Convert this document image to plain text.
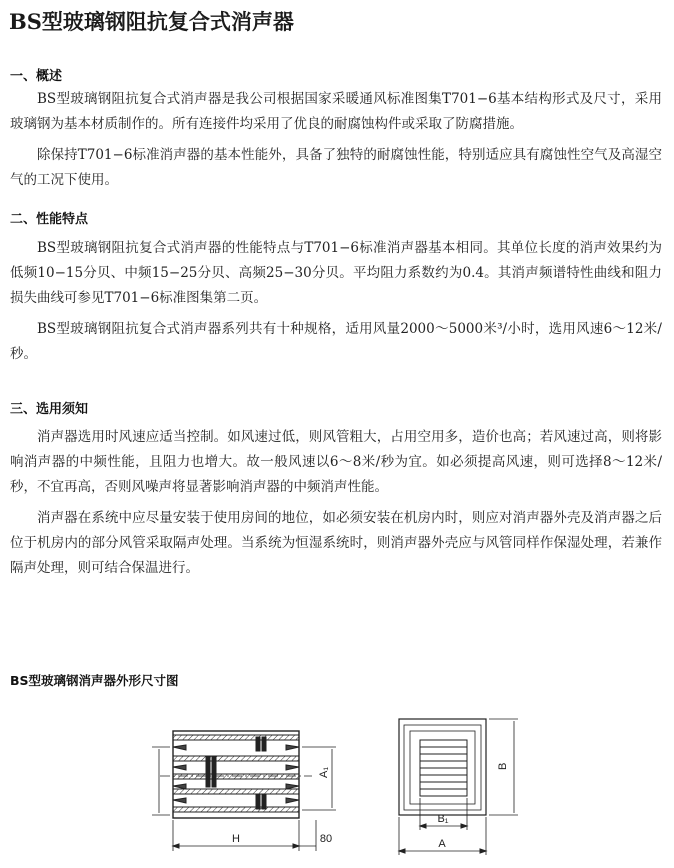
BS型玻璃钢阻抗复合式消声器
一、概述

BS型玻璃钢阻抗复合式消声器是我公司根据国家采暖通风标准图集T701−6基本结构形式及尺寸，采用玻璃钢为基本材质制作的。所有连接件均采用了优良的耐腐蚀构件或采取了防腐措施。

除保持T701−6标准消声器的基本性能外，具备了独特的耐腐蚀性能，特别适应具有腐蚀性空气及高湿空气的工况下使用。

二、性能特点

BS型玻璃钢阻抗复合式消声器的性能特点与T701−6标准消声器基本相同。其单位长度的消声效果约为低频10−15分贝、中频15−25分贝、高频25−30分贝。平均阻力系数约为0.4。其消声频谱特性曲线和阻力损失曲线可参见T701−6标准图集第二页。

BS型玻璃钢阻抗复合式消声器系列共有十种规格，适用风量2000～5000米³/小时，选用风速6～12米/秒。

三、选用须知

消声器选用时风速应适当控制。如风速过低，则风管粗大，占用空用多，造价也高；若风速过高，则将影响消声器的中频性能，且阻力也增大。故一般风速以6～8米/秒为宜。如必须提高风速，则可选择8～12米/秒，不宜再高，否则风噪声将显著影响消声器的中频消声性能。

消声器在系统中应尽量安装于使用房间的地位，如必须安装在机房内时，则应对消声器外壳及消声器之后位于机房内的部分风管采取隔声处理。当系统为恒湿系统时，则消声器外壳应与风管同样作保湿处理，若兼作隔声处理，则可结合保温进行。

BS型玻璃钢消声器外形尺寸图
H	80
A₁
B
B₁
A
